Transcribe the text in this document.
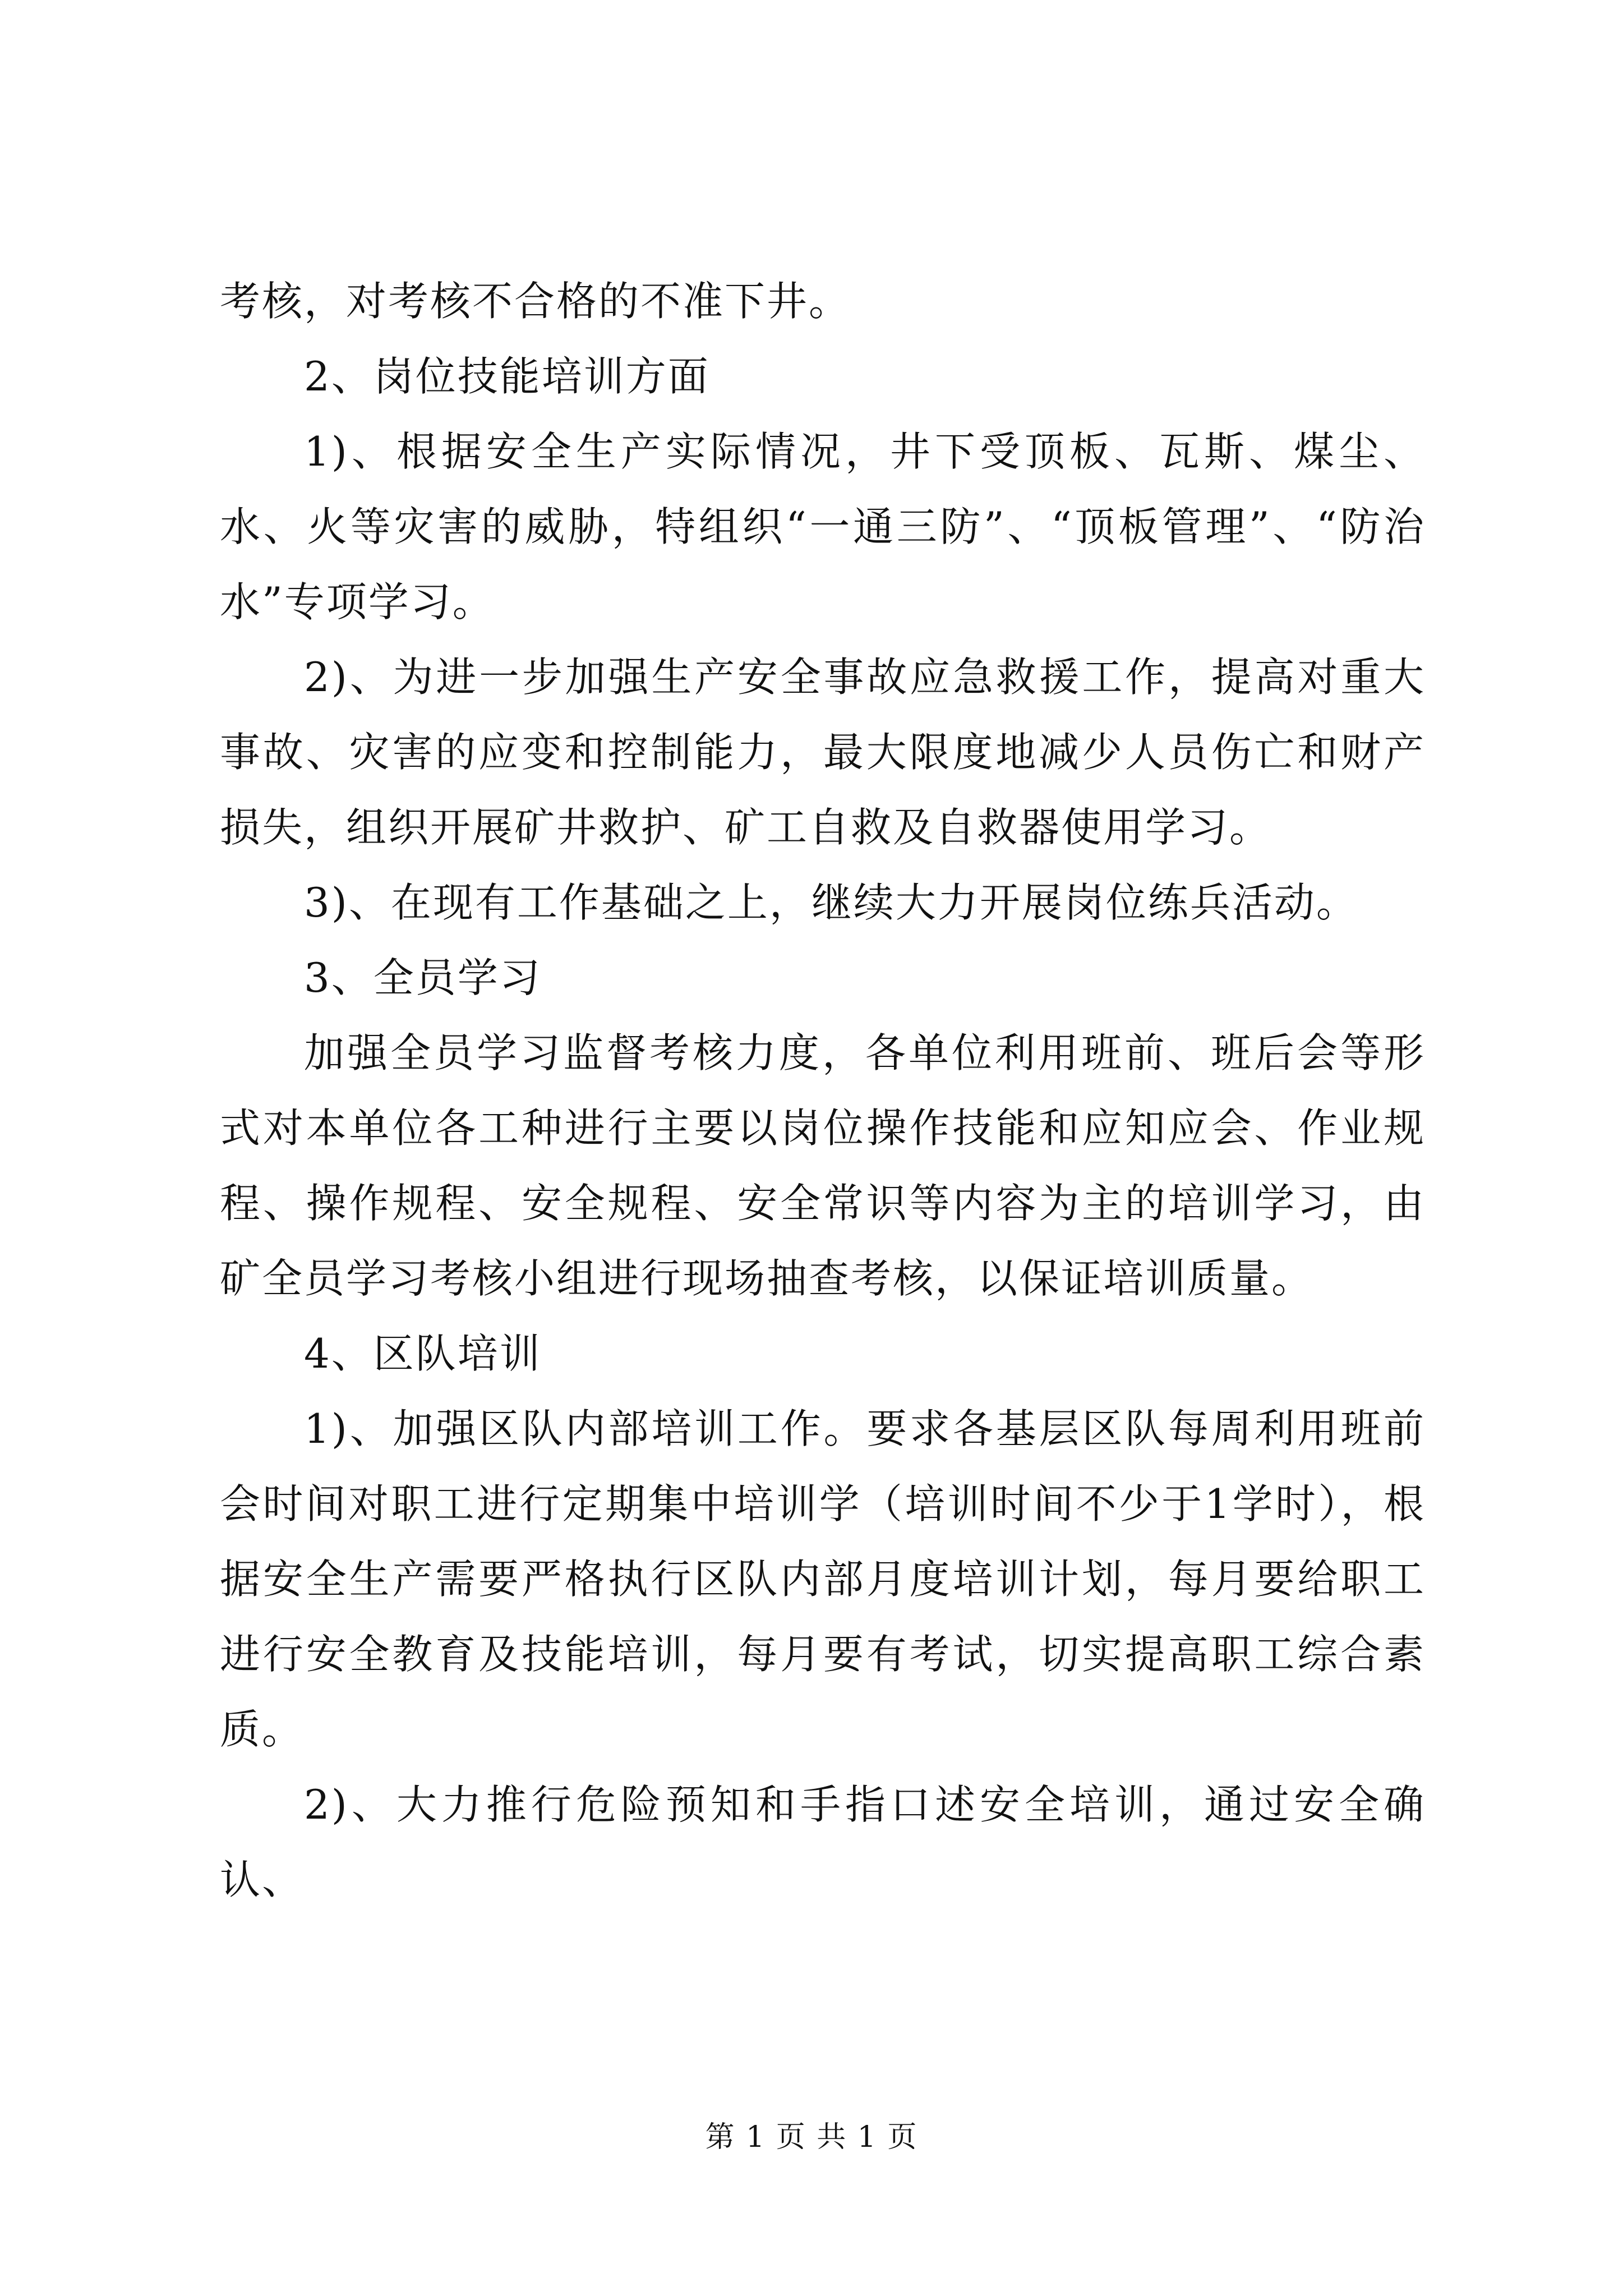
考核，对考核不合格的不准下井。

2、岗位技能培训方面

1)、根据安全生产实际情况，井下受顶板、瓦斯、煤尘、水、火等灾害的威胁，特组织“一通三防”、“顶板管理”、“防治水”专项学习。

2)、为进一步加强生产安全事故应急救援工作，提高对重大事故、灾害的应变和控制能力，最大限度地减少人员伤亡和财产损失，组织开展矿井救护、矿工自救及自救器使用学习。

3)、在现有工作基础之上，继续大力开展岗位练兵活动。

3、全员学习

加强全员学习监督考核力度，各单位利用班前、班后会等形式对本单位各工种进行主要以岗位操作技能和应知应会、作业规程、操作规程、安全规程、安全常识等内容为主的培训学习，由矿全员学习考核小组进行现场抽查考核，以保证培训质量。

4、区队培训

1)、加强区队内部培训工作。要求各基层区队每周利用班前会时间对职工进行定期集中培训学（培训时间不少于1学时），根据安全生产需要严格执行区队内部月度培训计划，每月要给职工进行安全教育及技能培训，每月要有考试，切实提高职工综合素质。

2)、大力推行危险预知和手指口述安全培训，通过安全确认、

第 1 页 共 1 页
